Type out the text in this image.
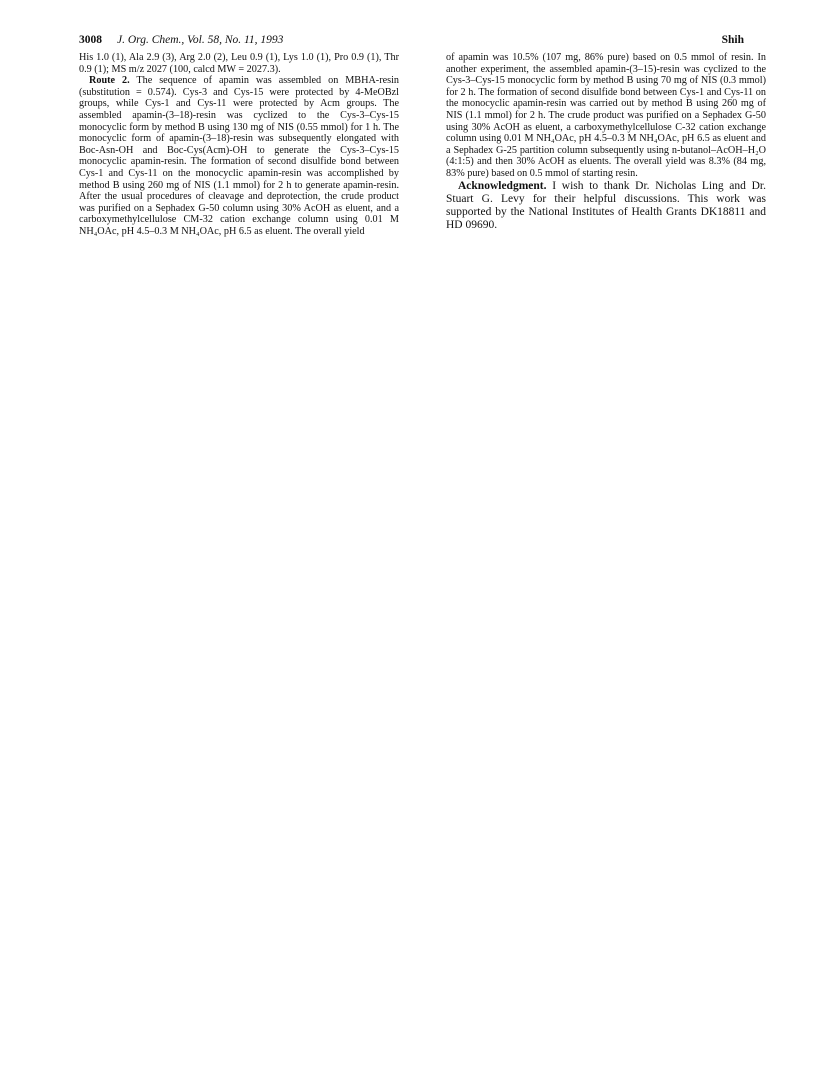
3008 J. Org. Chem., Vol. 58, No. 11, 1993	Shih

His 1.0 (1), Ala 2.9 (3), Arg 2.0 (2), Leu 0.9 (1), Lys 1.0 (1), Pro 0.9 (1), Thr 0.9 (1); MS m/z 2027 (100, calcd MW = 2027.3).

Route 2. The sequence of apamin was assembled on MBHA-resin (substitution = 0.574). Cys-3 and Cys-15 were protected by 4-MeOBzl groups, while Cys-1 and Cys-11 were protected by Acm groups. The assembled apamin-(3–18)-resin was cyclized to the Cys-3–Cys-15 monocyclic form by method B using 130 mg of NIS (0.55 mmol) for 1 h. The monocyclic form of apamin-(3–18)-resin was subsequently elongated with Boc-Asn-OH and Boc-Cys(Acm)-OH to generate the Cys-3–Cys-15 monocyclic apamin-resin. The formation of second disulfide bond between Cys-1 and Cys-11 on the monocyclic apamin-resin was accomplished by method B using 260 mg of NIS (1.1 mmol) for 2 h to generate apamin-resin. After the usual procedures of cleavage and deprotection, the crude product was purified on a Sephadex G-50 column using 30% AcOH as eluent, and a carboxymethylcellulose CM-32 cation exchange column using 0.01 M NH₄OAc, pH 4.5–0.3 M NH₄OAc, pH 6.5 as eluent. The overall yield

of apamin was 10.5% (107 mg, 86% pure) based on 0.5 mmol of resin. In another experiment, the assembled apamin-(3–15)-resin was cyclized to the Cys-3–Cys-15 monocyclic form by method B using 70 mg of NIS (0.3 mmol) for 2 h. The formation of second disulfide bond between Cys-1 and Cys-11 on the monocyclic apamin-resin was carried out by method B using 260 mg of NIS (1.1 mmol) for 2 h. The crude product was purified on a Sephadex G-50 using 30% AcOH as eluent, a carboxymethylcellulose C-32 cation exchange column using 0.01 M NH₄OAc, pH 4.5–0.3 M NH₄OAc, pH 6.5 as eluent and a Sephadex G-25 partition column subsequently using n-butanol–AcOH–H₂O (4:1:5) and then 30% AcOH as eluents. The overall yield was 8.3% (84 mg, 83% pure) based on 0.5 mmol of starting resin.

Acknowledgment. I wish to thank Dr. Nicholas Ling and Dr. Stuart G. Levy for their helpful discussions. This work was supported by the National Institutes of Health Grants DK18811 and HD 09690.
